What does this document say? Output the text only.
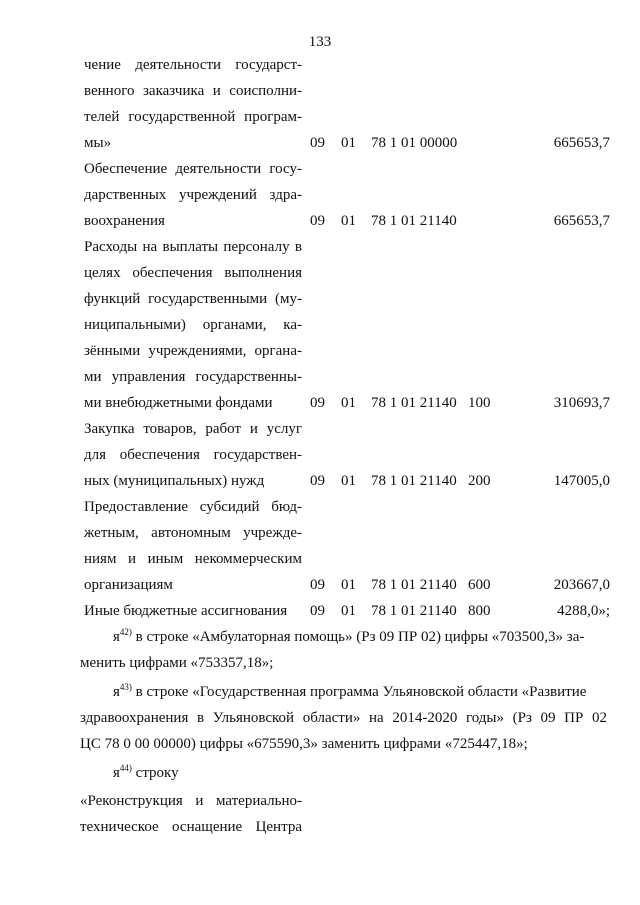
133
чение деятельности государст-
венного заказчика и соисполни-
телей государственной програм-
мы»	09 01 78 1 01 00000	665653,7
Обеспечение деятельности госу-
дарственных учреждений здра-
воохранения	09 01 78 1 01 21140	665653,7
Расходы на выплаты персоналу в
целях обеспечения выполнения
функций государственными (му-
ниципальными) органами, ка-
зёнными учреждениями, органа-
ми управления государственны-
ми внебюджетными фондами	09 01 78 1 01 21140 100	310693,7
Закупка товаров, работ и услуг
для обеспечения государствен-
ных (муниципальных) нужд	09 01 78 1 01 21140 200	147005,0
Предоставление субсидий бюд-
жетным, автономным учрежде-
ниям и иным некоммерческим
организациям	09 01 78 1 01 21140 600	203667,0
Иные бюджетные ассигнования	09 01 78 1 01 21140 800	4288,0»;
$я^{42)}$ в строке «Амбулаторная помощь» (Рз 09 ПР 02) цифры «703500,3» за-
менить цифрами «753357,18»;
$я^{43)}$ в строке «Государственная программа Ульяновской области «Развитие
здравоохранения в Ульяновской области» на 2014-2020 годы» (Рз 09 ПР 02
ЦС 78 0 00 00000) цифры «675590,3» заменить цифрами «725447,18»;
$я^{44)}$ строку
«Реконструкция и материально-
техническое оснащение Центра
